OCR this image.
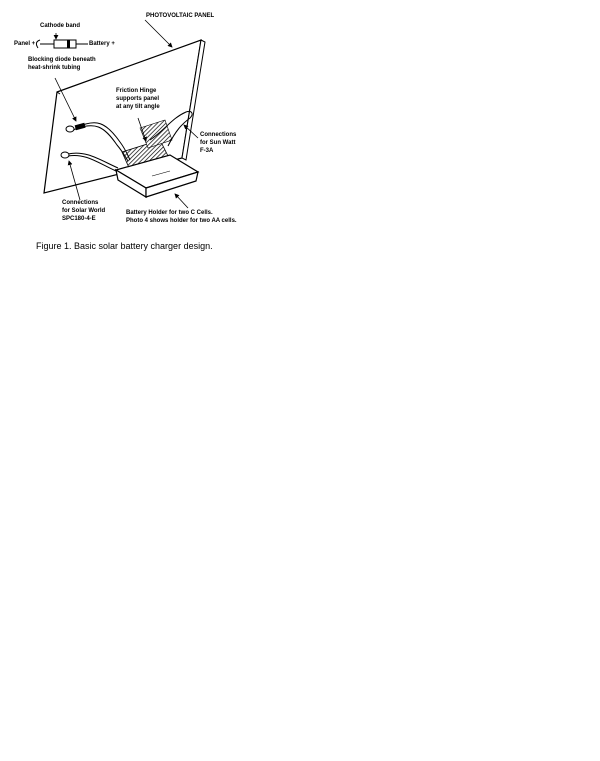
PHOTOVOLTAIC PANEL
Cathode band
Panel +	Battery +
Blocking diode beneath
heat-shrink tubing
Friction Hinge
supports panel
at any tilt angle
Connections
for Sun Watt
F-3A
Connections
for Solar World
SPC180-4-E
Battery Holder for two C Cells.
Photo 4 shows holder for two AA cells.
Figure 1. Basic solar battery charger design.
